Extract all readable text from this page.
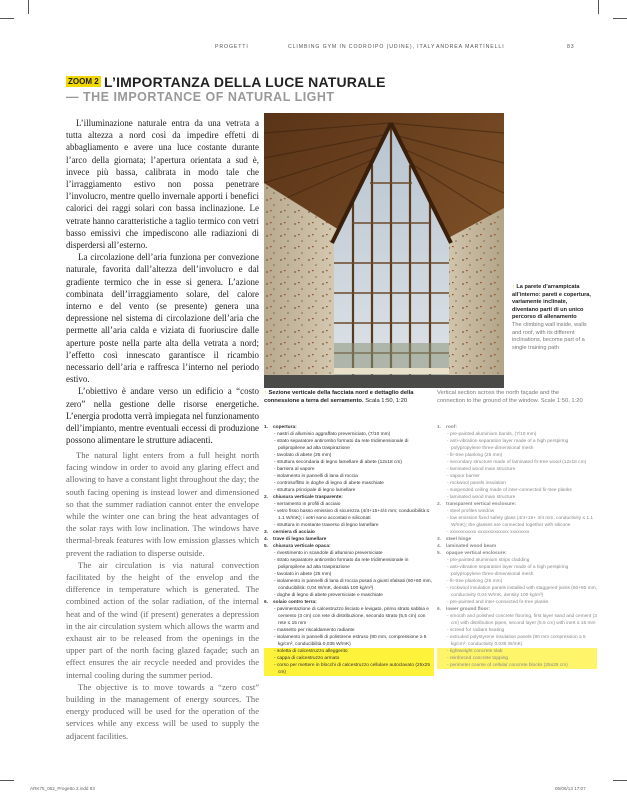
PROGETTI	CLIMBING GYM IN CODROIPO (UDINE), ITALY ANDREA MARTINELLI	83
ZOOM 2 L’IMPORTANZA DELLA LUCE NATURALE
— THE IMPORTANCE OF NATURAL LIGHT

L’illuminazione naturale entra da una vetrata a tutta altezza a nord così da impedire effetti di abbagliamento e avere una luce costante durante l’arco della giornata; l’apertura orientata a sud è, invece più bassa, calibrata in modo tale che l’irraggiamento estivo non possa penetrare l’involucro, mentre quello invernale apporti i benefici calorici dei raggi solari con bassa inclinazione. Le vetrate hanno caratteristiche a taglio termico con vetri basso emissivi che impediscono alle radiazioni di disperdersi all’esterno.

La circolazione dell’aria funziona per convezione naturale, favorita dall’altezza dell’involucro e dal gradiente termico che in esse si genera. L’azione combinata dell’irraggiamento solare, del calore interno e del vento (se presente) genera una depressione nel sistema di circolazione dell’aria che permette all’aria calda e viziata di fuoriuscire dalle aperture poste nella parte alta della vetrata a nord; l’effetto così innescato garantisce il ricambio necessario dell’aria e raffresca l’interno nel periodo estivo.

L’obiettivo è andare verso un edificio a “costo zero” nella gestione delle risorse energetiche. L’energia prodotta verrà impiegata nel funzionamento dell’impianto, mentre eventuali eccessi di produzione possono alimentare le strutture adiacenti.

The natural light enters from a full height north facing window in order to avoid any glaring effect and allowing to have a constant light throughout the day; the south facing opening is instead lower and dimensioned so that the summer radiation cannot enter the envelope while the winter one can bring the heat advantages of the solar rays with low inclination. The windows have thermal-break features with low emission glasses which prevent the radiation to disperse outside.

The air circulation is via natural convection facilitated by the height of the envelop and the difference in temperature which is generated. The combined action of the solar radiation, of the internal heat and of the wind (if present) generates a depression in the air circulation system which allows the warm and exhaust air to be released from the openings in the upper part of the north facing glazed façade; such an effect ensures the air recycle needed and provides the internal cooling during the summer period.

The objective is to move towards a “zero cost” building in the management of energy sources. The energy produced will be used for the operation of the services while any excess will be used to supply the adjacent facilities.

© Marco Zorzenoni
↑ La parete d’arrampicata all’interno: pareti e copertura, variamente inclinate, diventano parti di un unico percorso di allenamento
The climbing wall inside, walls and roof, with its different inclinations, become part of a single training path
↑ Sezione verticale della facciata nord e dettaglio della connessione a terra del serramento. Scala 1:50, 1:20
Vertical section across the north façade and the connection to the ground of the window. Scale 1:50, 1:20
1. copertura:
- nastri di alluminio aggraffato preverniciato, (7/10 mm)
- strato separatore antirombo formato da rete tridimensionale di polipropilene ad alta traspirazione
- tavolato di abete (25 mm)
- struttura secondaria di legno lamellare di abete (12x18 cm)
- barriera al vapore
- isolamento in pannelli di lana di roccia
- controsoffitto in doghe di legno di abete maschiate
- struttura principale di legno lamellare
2. chiusura verticale trasparente:
- serramento in profili di acciaio
- vetro fisso basso emissivo di sicurezza (4/4+15+4/4 mm; conducibilità ≤ 1.1 W/mK); i vetri sono accostati e siliconati
- struttura in montante traverso di legno lamellare
3. cerniera di acciaio
4. trave di legno lamellare
5. chiusura verticale opaca:
- rivestimento in scandole di alluminio preverniciate
- strato separatore antirombo formato da rete tridimensionale in polipropilene ad alta traspirazione
- tavolato in abete (25 mm)
- isolamento in pannelli di lana di roccia posati a giunti sfalsati (60+60 mm, conducibilità: 0,04 W/mK, densità 100 kg/m³)
- doghe di legno di abete preverniciate e maschiate
6. solaio contro terra:
- pavimentazione di calcestruzzo lisciato e levigato, primo strato sabbia e cemento (3 cm) con rete di distribuzione, secondo strato (5,5 cm) con rete ≤ 15 mm
- massetto per riscaldamento radiante
- isolamento in pannelli di polistirene estruso (80 mm, compressione ≥ 5 kg/cm², conducibilità 0,035 W/mK)
- soletta di calcestruzzo alleggerito
- cappa di calcestruzzo armato
- corso per mettere in blocchi di calcestruzzo cellulare autoclavato (25x25 cm)
1. roof:
- pre-painted aluminium bands, (7/10 mm)
- anti-vibration separation layer made of a high perspiring polypropylene three-dimensional mesh
- fir-tree planking (25 mm)
- secondary structure made of laminated fir-tree wood (12x18 cm)
- laminated wood main structure
- vapour barrier
- rockwool panels insulation
- suspended ceiling made of inter-connected fir-tree planks
- laminated wood main structure
2. transparent vertical enclosure:
- steel profiles window
- low emission fixed safety glass (4/4+15+ 4/4 mm, conductivity ≤ 1.1 W/mK); the glasses are connected together with silicone
- xxxxxxxxxxx xxxxxxxxxxxxx xxxxxxxx
3. steel hinge
4. laminated wood beam
5. opaque vertical enclosure:
- pre-painted aluminium strips cladding
- anti-vibration separation layer made of a high perspiring polypropylene three-dimensional mesh
- fir-tree planking (25 mm)
- rockwool insulation panels installed with staggered joints (60+60 mm, conductivity 0,04 W/mK, density 100 kg/m³)
- pre-painted and inter-connected fir-tree planks
6. lower ground floor:
- smooth and polished concrete flooring, first layer sand and cement (3 cm) with distribution pipes, second layer (5.5 cm) with inert ≤ 15 mm
- screed for radiant heating
- extruded polystyrene insulation panels (80 mm compression ≥ 5 kg/cm², conductivity 0,035 W/mK)
- lightweight concrete slab
- reinforced concrete topping
- perimeter course of cellular concrete blocks (25x25 cm)
ARK75_062_Progetto 2.indd 83	05/06/13 17:07
